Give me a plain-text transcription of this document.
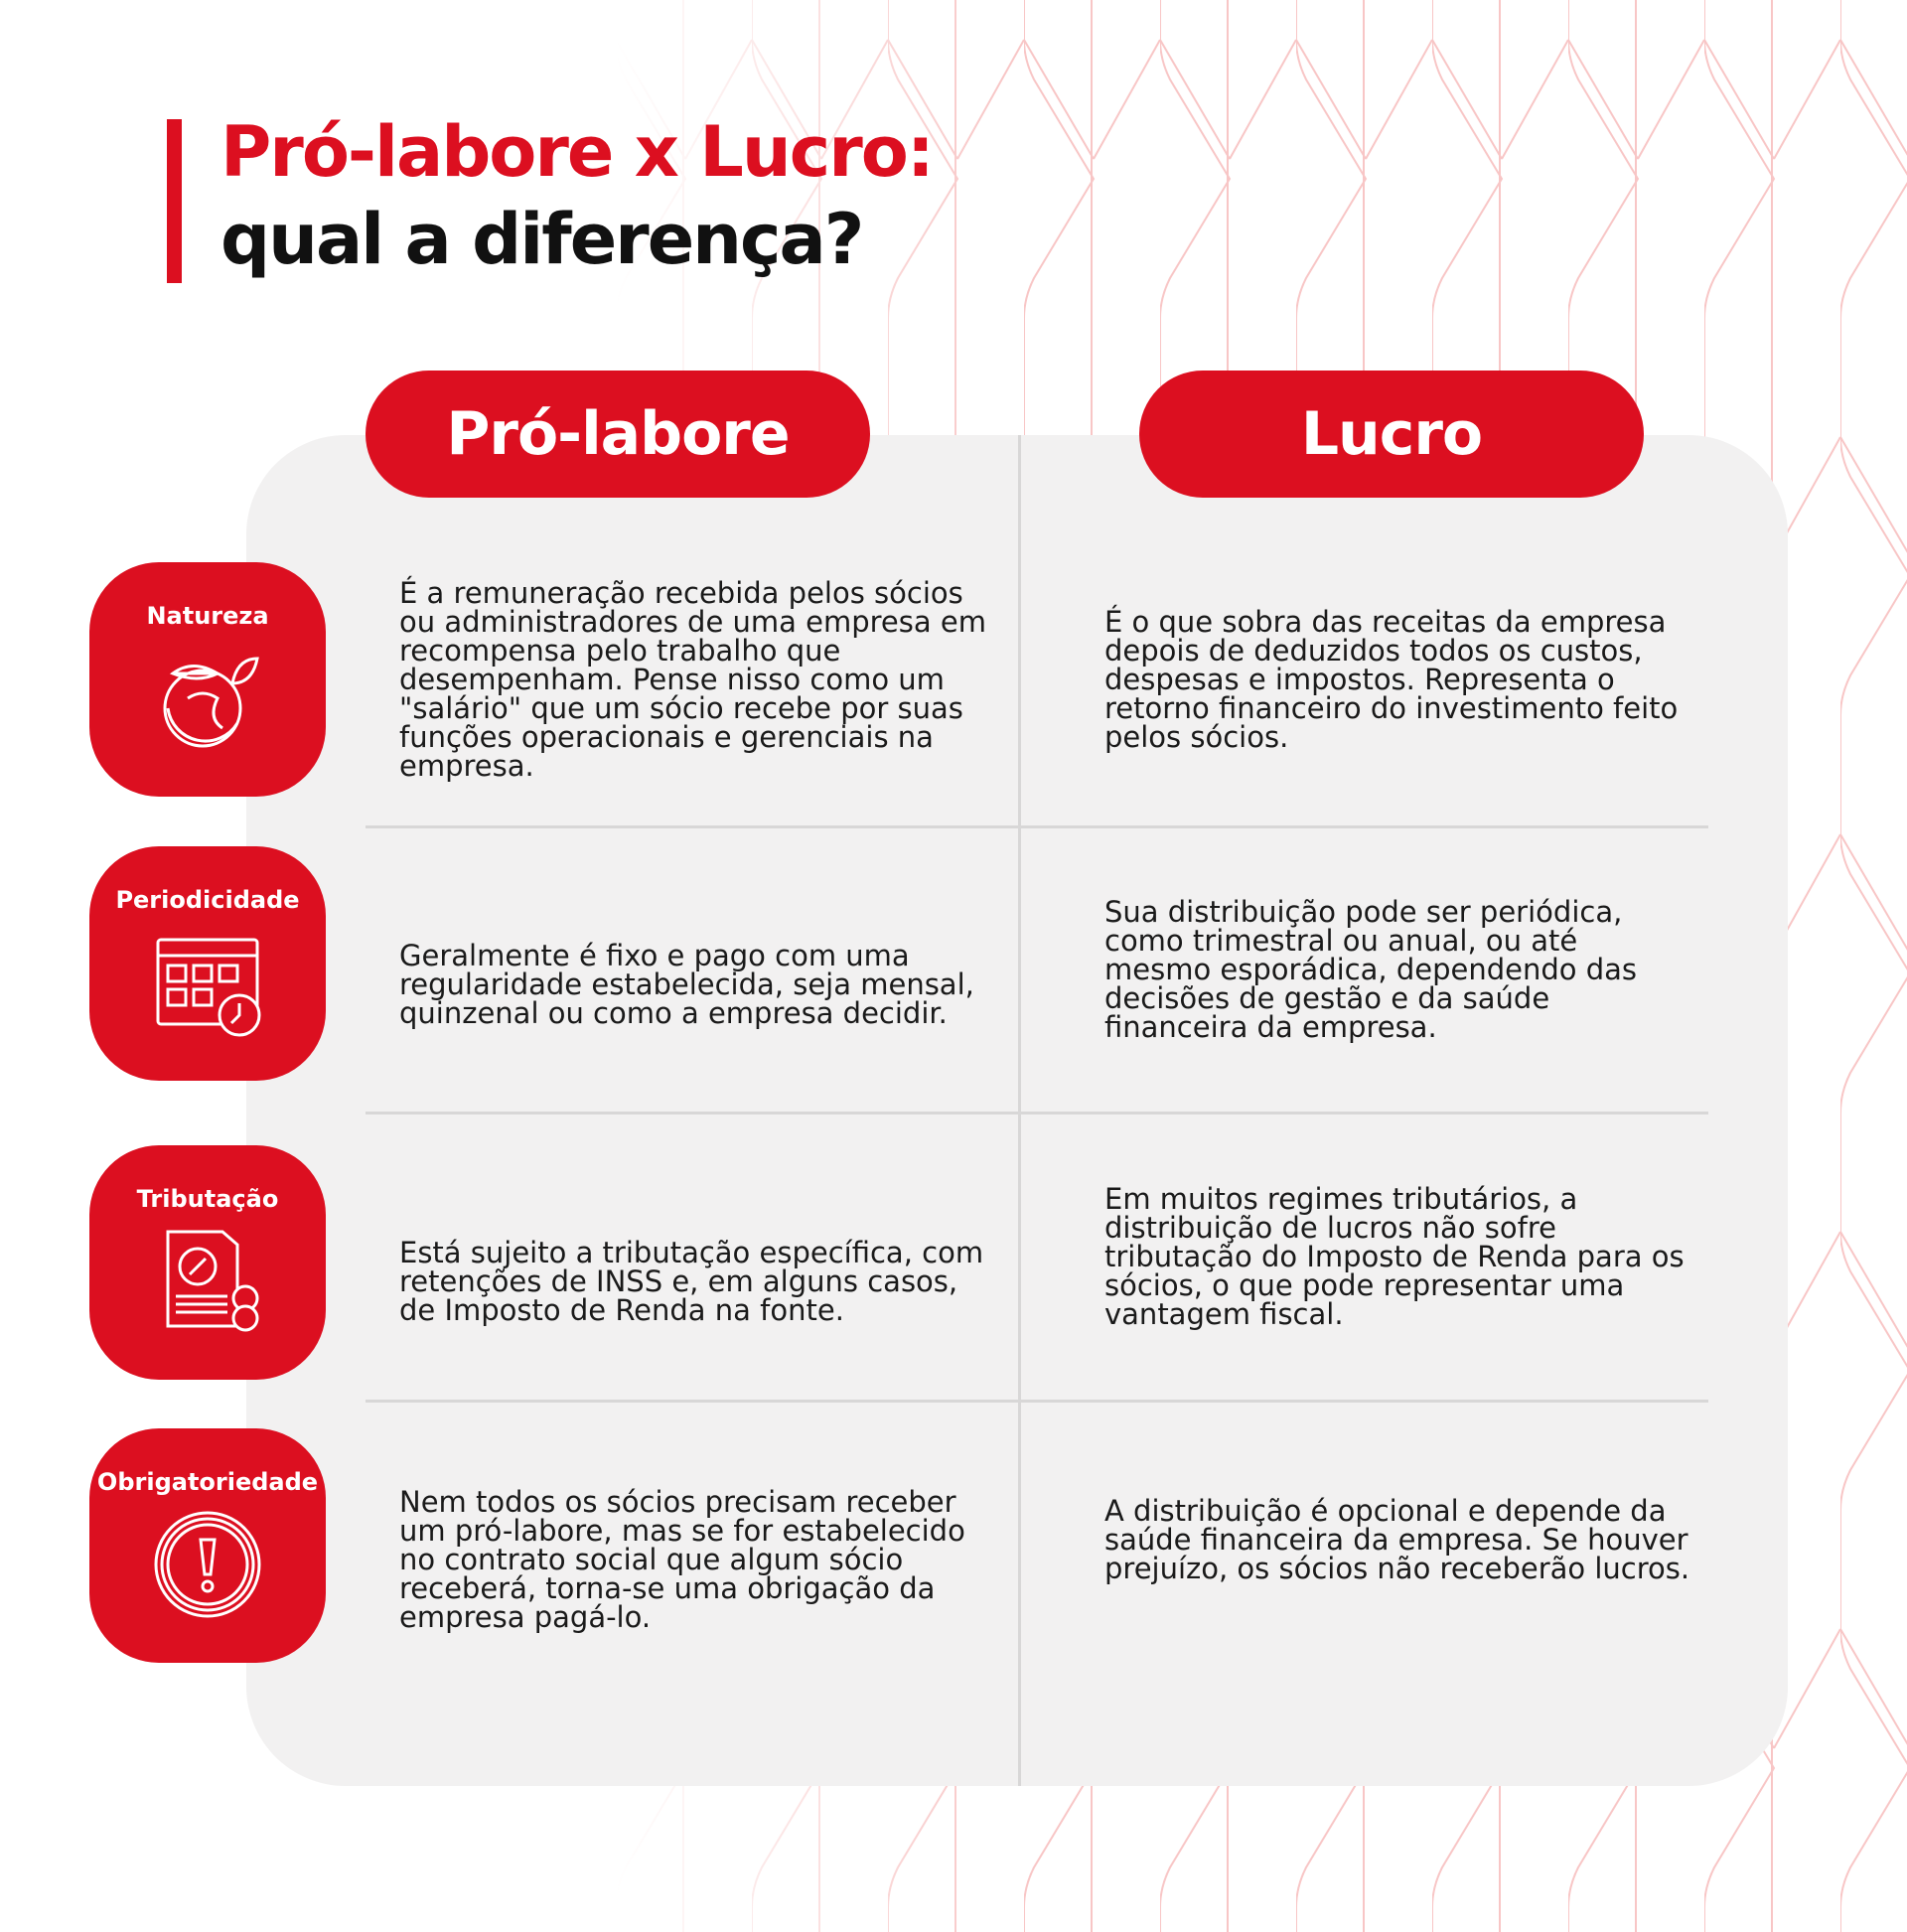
Pró-labore x Lucro:
qual a diferença?
Pró-labore	Lucro
Natureza
É a remuneração recebida pelos sócios ou administradores de uma empresa em recompensa pelo trabalho que desempenham. Pense nisso como um "salário" que um sócio recebe por suas funções operacionais e gerenciais na empresa.
É o que sobra das receitas da empresa depois de deduzidos todos os custos, despesas e impostos. Representa o retorno financeiro do investimento feito pelos sócios.
Periodicidade
Geralmente é fixo e pago com uma regularidade estabelecida, seja mensal, quinzenal ou como a empresa decidir.
Sua distribuição pode ser periódica, como trimestral ou anual, ou até mesmo esporádica, dependendo das decisões de gestão e da saúde financeira da empresa.
Tributação
Está sujeito a tributação específica, com retenções de INSS e, em alguns casos, de Imposto de Renda na fonte.
Em muitos regimes tributários, a distribuição de lucros não sofre tributação do Imposto de Renda para os sócios, o que pode representar uma vantagem fiscal.
Obrigatoriedade
Nem todos os sócios precisam receber um pró-labore, mas se for estabelecido no contrato social que algum sócio receberá, torna-se uma obrigação da empresa pagá-lo.
A distribuição é opcional e depende da saúde financeira da empresa. Se houver prejuízo, os sócios não receberão lucros.
